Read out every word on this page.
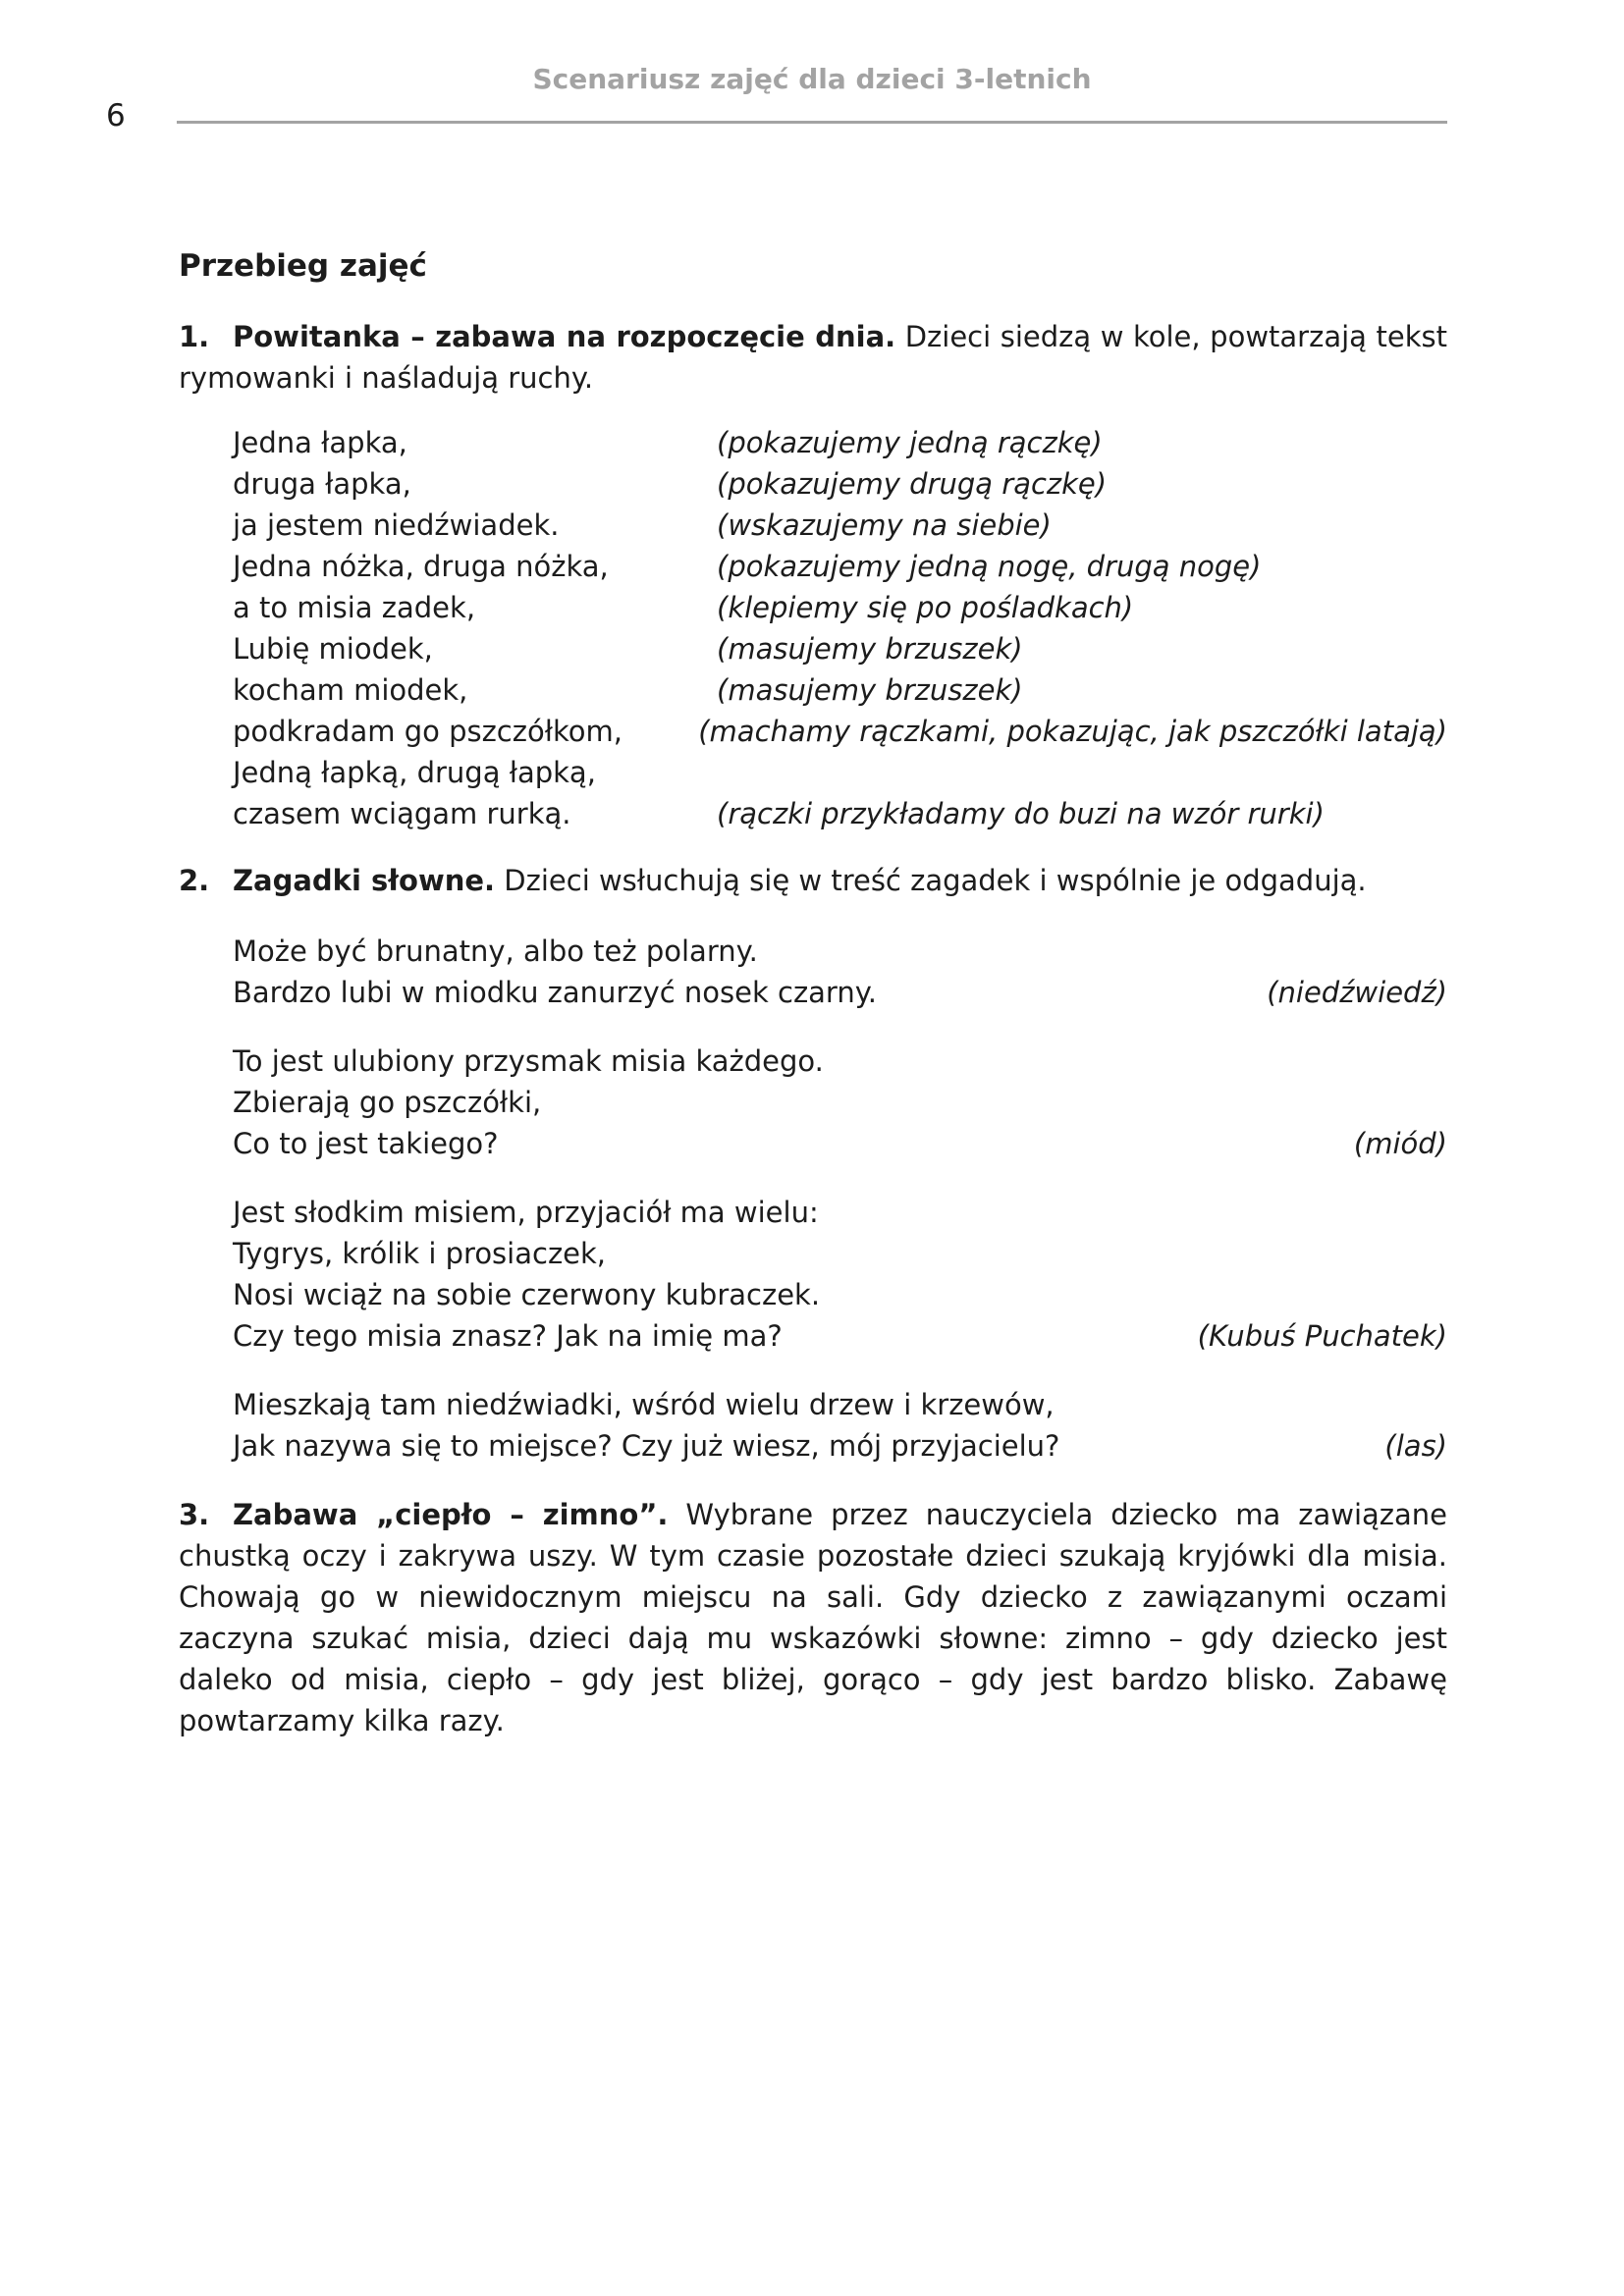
6
Scenariusz zajęć dla dzieci 3-letnich
Przebieg zajęć
1. Powitanka – zabawa na rozpoczęcie dnia. Dzieci siedzą w kole, powtarzają tekst rymowanki i naśladują ruchy.
Jedna łapka,	(pokazujemy jedną rączkę)
druga łapka,	(pokazujemy drugą rączkę)
ja jestem niedźwiadek.	(wskazujemy na siebie)
Jedna nóżka, druga nóżka,	(pokazujemy jedną nogę, drugą nogę)
a to misia zadek,	(klepiemy się po pośladkach)
Lubię miodek,	(masujemy brzuszek)
kocham miodek,	(masujemy brzuszek)
podkradam go pszczółkom,	(machamy rączkami, pokazując, jak pszczółki latają)
Jedną łapką, drugą łapką,
czasem wciągam rurką.	(rączki przykładamy do buzi na wzór rurki)
2. Zagadki słowne. Dzieci wsłuchują się w treść zagadek i wspólnie je odgadują.
Może być brunatny, albo też polarny.
Bardzo lubi w miodku zanurzyć nosek czarny.	(niedźwiedź)
To jest ulubiony przysmak misia każdego.
Zbierają go pszczółki,
Co to jest takiego?	(miód)
Jest słodkim misiem, przyjaciół ma wielu:
Tygrys, królik i prosiaczek,
Nosi wciąż na sobie czerwony kubraczek.
Czy tego misia znasz? Jak na imię ma?	(Kubuś Puchatek)
Mieszkają tam niedźwiadki, wśród wielu drzew i krzewów,
Jak nazywa się to miejsce? Czy już wiesz, mój przyjacielu?	(las)
3. Zabawa „ciepło – zimno”. Wybrane przez nauczyciela dziecko ma zawiązane chustką oczy i zakrywa uszy. W tym czasie pozostałe dzieci szukają kryjówki dla misia. Chowają go w niewidocznym miejscu na sali. Gdy dziecko z zawiązanymi oczami zaczyna szukać misia, dzieci dają mu wskazówki słowne: zimno – gdy dziecko jest daleko od misia, ciepło – gdy jest bliżej, gorąco – gdy jest bardzo blisko. Zabawę powtarzamy kilka razy.
